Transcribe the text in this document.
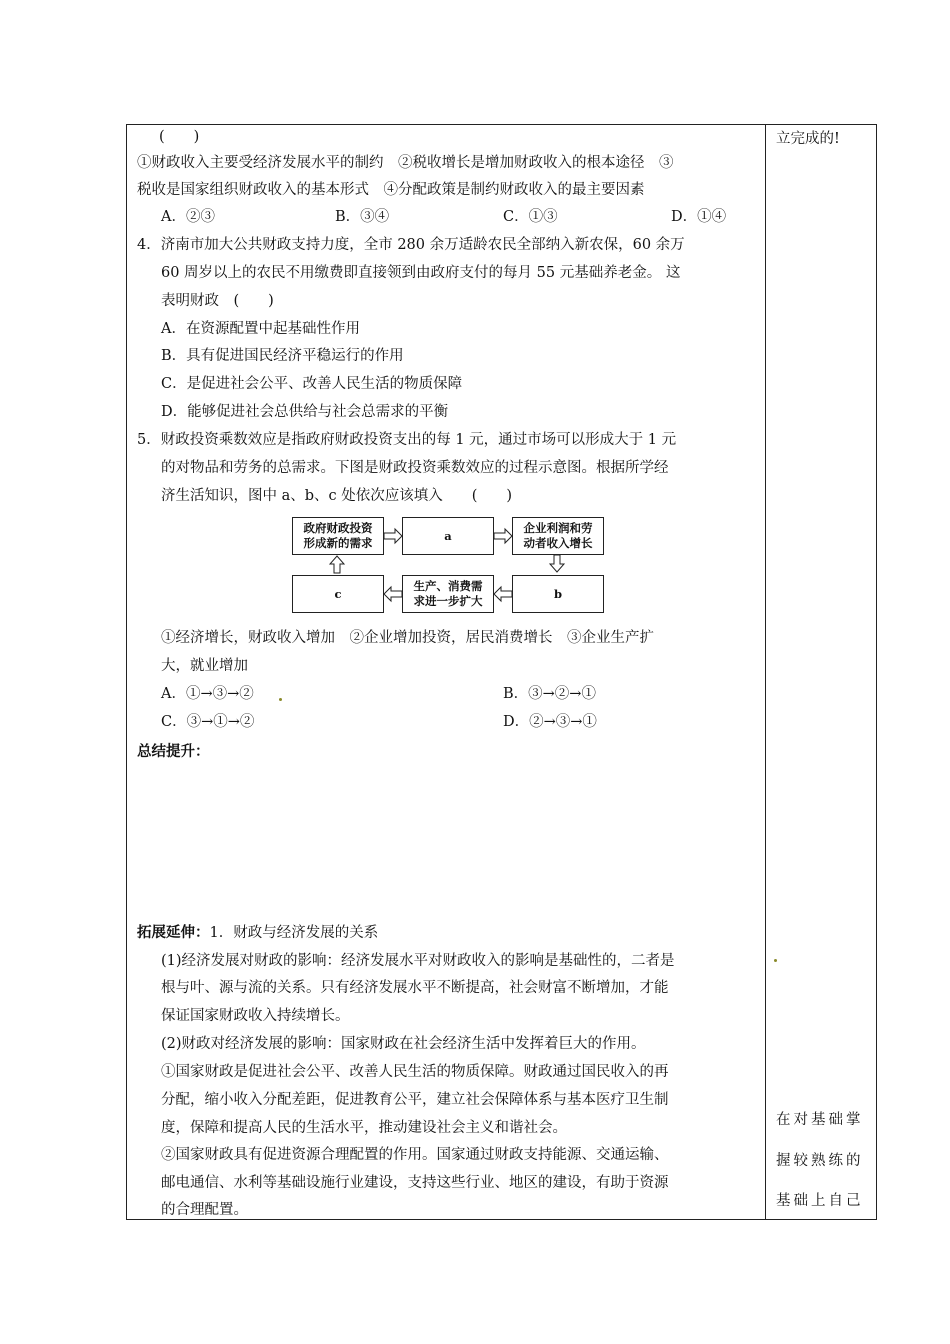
(　　)
①财政收入主要受经济发展水平的制约　②税收增长是增加财政收入的根本途径　③
税收是国家组织财政收入的基本形式　④分配政策是制约财政收入的最主要因素
A．②③	B．③④	C．①③	D．①④
4．济南市加大公共财政支持力度，全市 280 余万适龄农民全部纳入新农保，60 余万
60 周岁以上的农民不用缴费即直接领到由政府支付的每月 55 元基础养老金。 这
表明财政　(　　)
A．在资源配置中起基础性作用
B．具有促进国民经济平稳运行的作用
C．是促进社会公平、改善人民生活的物质保障
D．能够促进社会总供给与社会总需求的平衡
5．财政投资乘数效应是指政府财政投资支出的每 1 元，通过市场可以形成大于 1 元
的对物品和劳务的总需求。下图是财政投资乘数效应的过程示意图。根据所学经
济生活知识，图中 a、b、c 处依次应该填入　　(　　)
政府财政投资
形成新的需求
a
企业利润和劳
动者收入增长
b
生产、消费需
求进一步扩大
c
①经济增长，财政收入增加　②企业增加投资，居民消费增长　③企业生产扩
大，就业增加
A．①→③→②	B．③→②→①
C．③→①→②	D．②→③→①
总结提升：
拓展延伸：1．财政与经济发展的关系
(1)经济发展对财政的影响：经济发展水平对财政收入的影响是基础性的，二者是
根与叶、源与流的关系。只有经济发展水平不断提高，社会财富不断增加，才能
保证国家财政收入持续增长。
(2)财政对经济发展的影响：国家财政在社会经济生活中发挥着巨大的作用。
①国家财政是促进社会公平、改善人民生活的物质保障。财政通过国民收入的再
分配，缩小收入分配差距，促进教育公平，建立社会保障体系与基本医疗卫生制
度，保障和提高人民的生活水平，推动建设社会主义和谐社会。
②国家财政具有促进资源合理配置的作用。国家通过财政支持能源、交通运输、
邮电通信、水利等基础设施行业建设，支持这些行业、地区的建设，有助于资源
的合理配置。
立完成的!
在对基础掌
握较熟练的
基础上自己
